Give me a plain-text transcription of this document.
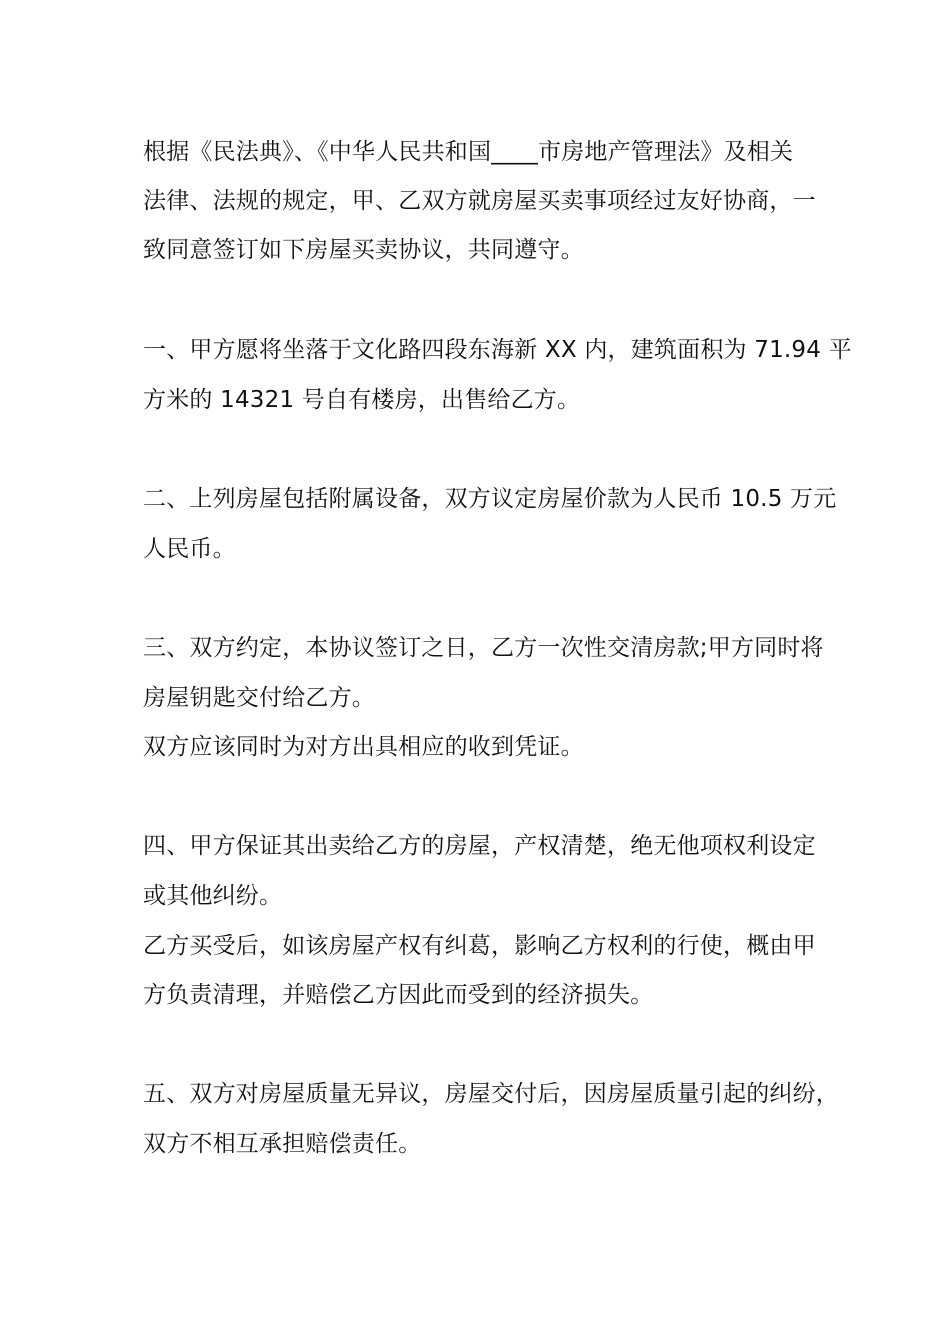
根据《民法典》、《中华人民共和国____市房地产管理法》及相关
法律、法规的规定，甲、乙双方就房屋买卖事项经过友好协商，一
致同意签订如下房屋买卖协议，共同遵守。
一、甲方愿将坐落于文化路四段东海新 XX 内，建筑面积为 71.94 平
方米的 14321 号自有楼房，出售给乙方。
二、上列房屋包括附属设备，双方议定房屋价款为人民币 10.5 万元
人民币。
三、双方约定，本协议签订之日，乙方一次性交清房款;甲方同时将
房屋钥匙交付给乙方。
双方应该同时为对方出具相应的收到凭证。
四、甲方保证其出卖给乙方的房屋，产权清楚，绝无他项权利设定
或其他纠纷。
乙方买受后，如该房屋产权有纠葛，影响乙方权利的行使，概由甲
方负责清理，并赔偿乙方因此而受到的经济损失。
五、双方对房屋质量无异议，房屋交付后，因房屋质量引起的纠纷，
双方不相互承担赔偿责任。
